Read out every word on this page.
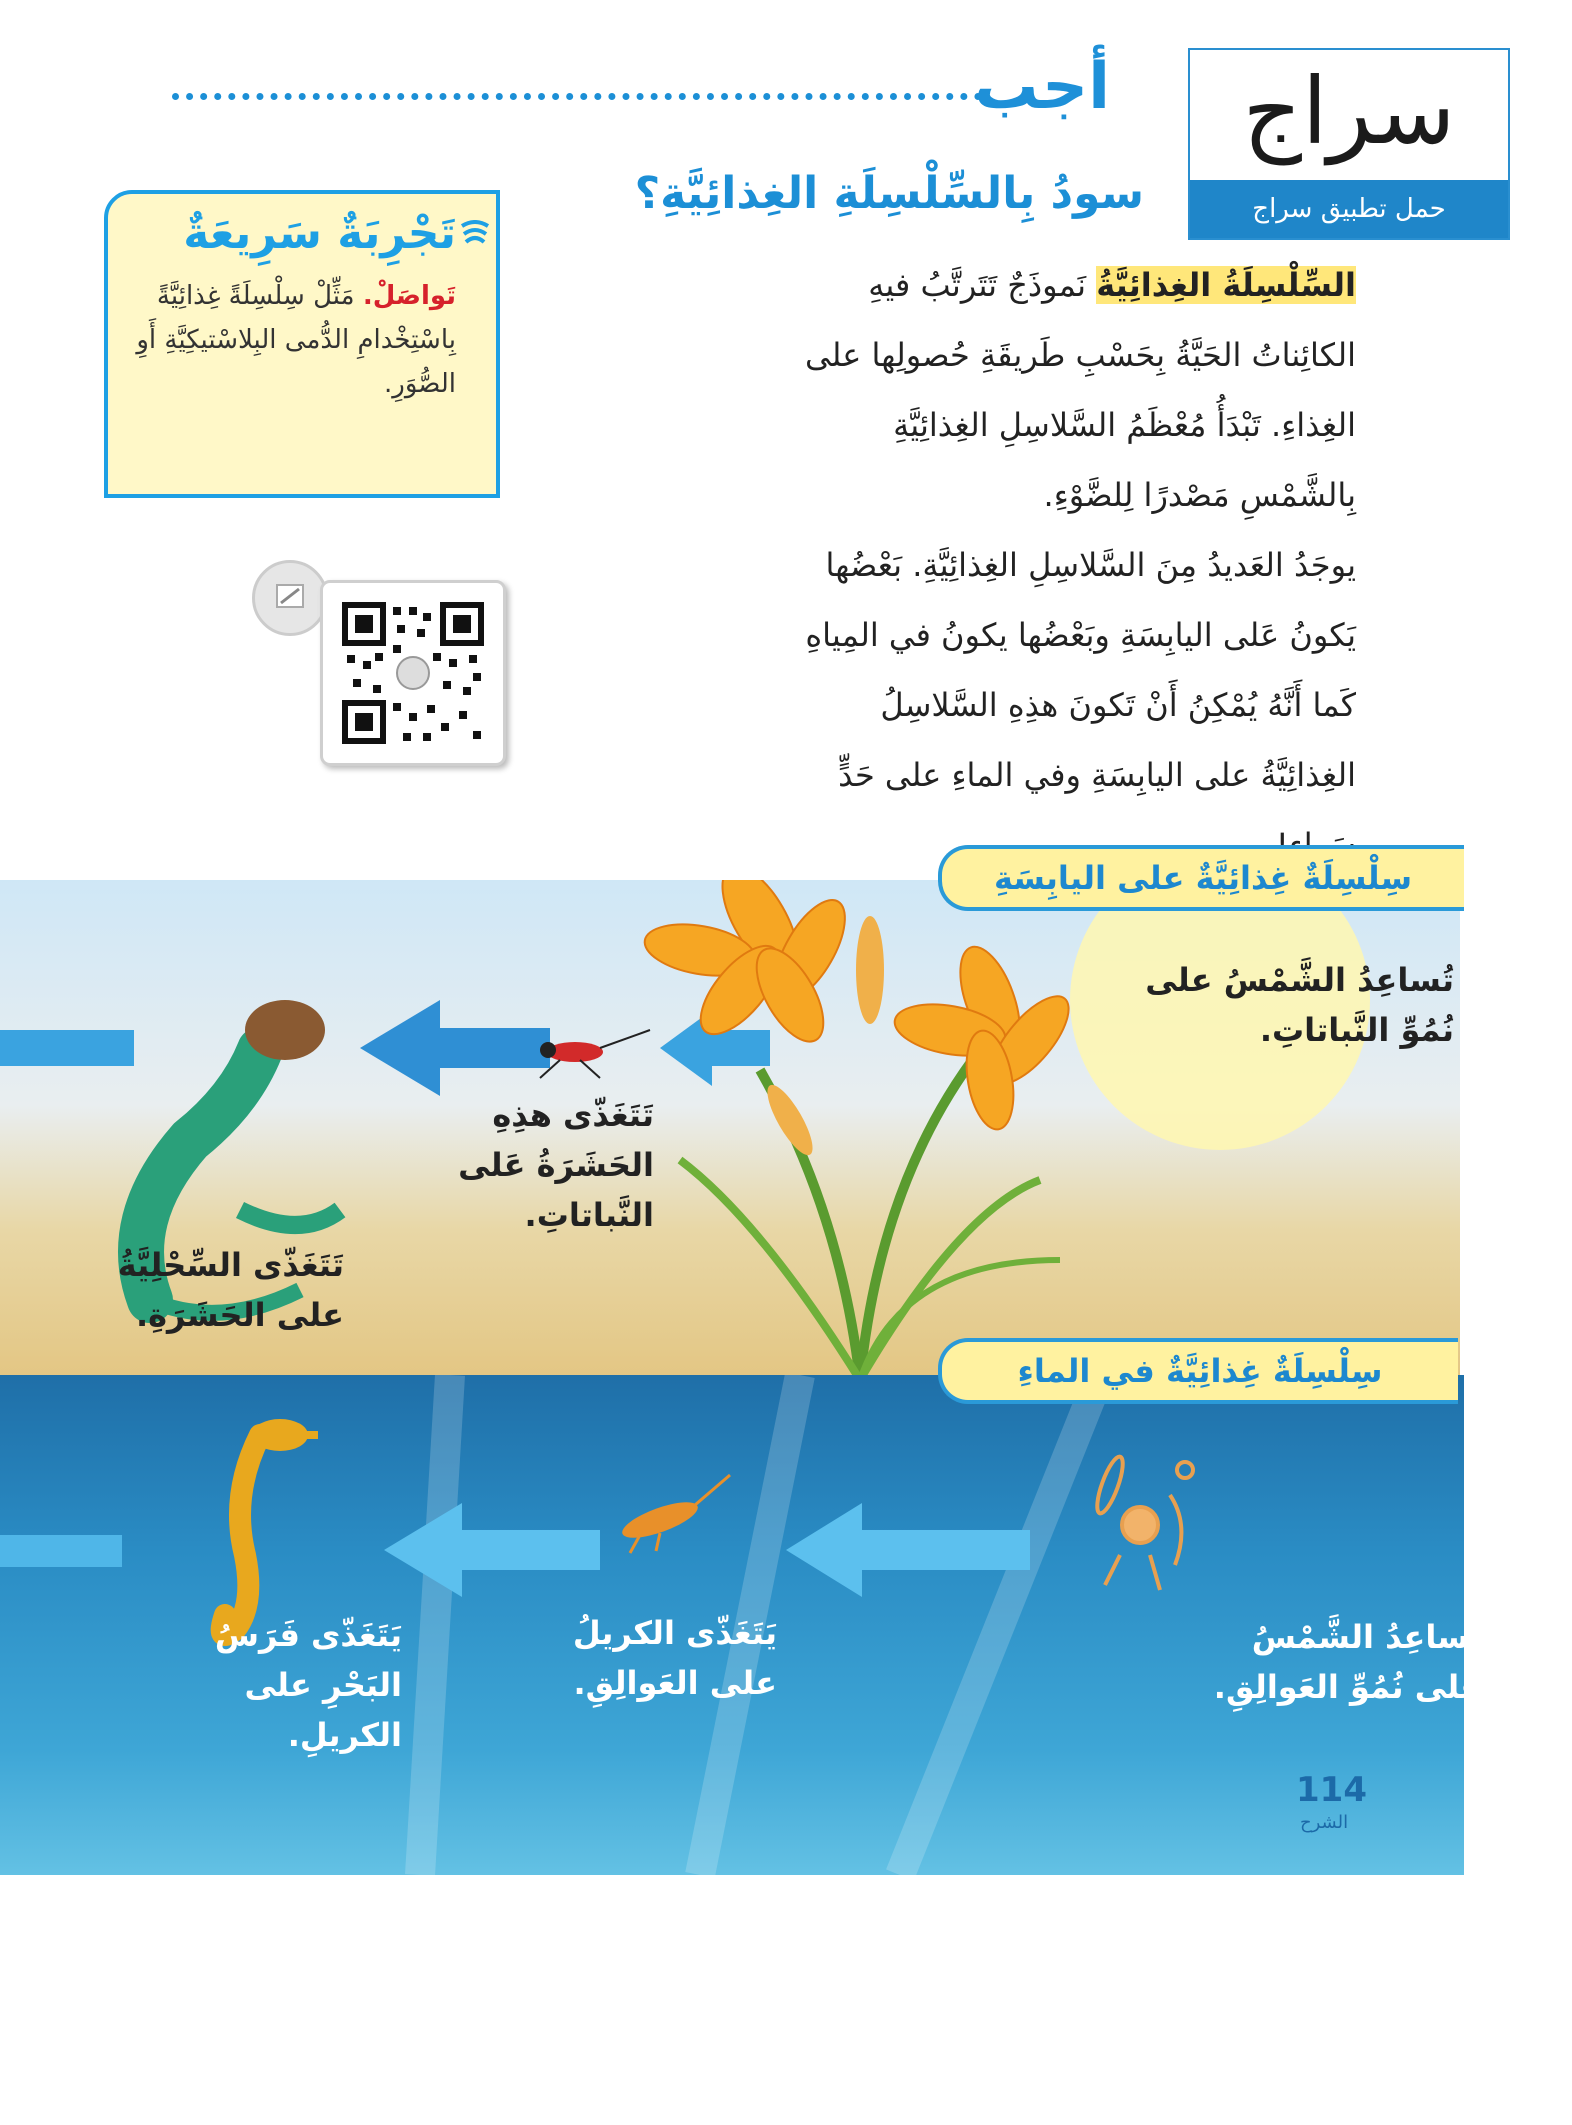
أجب	سراج
حمل تطبيق سراج
سودُ بِالسِّلْسِلَةِ الغِذائِيَّةِ؟
السِّلْسِلَةُ الغِذائِيَّةُ نَموذَجٌ تَتَرتَّبُ فيهِ الكائِناتُ الحَيَّةُ بِحَسْبِ طَريقَةِ حُصولِها على الغِذاءِ. تَبْدَأُ مُعْظَمُ السَّلاسِلِ الغِذائِيَّةِ بِالشَّمْسِ مَصْدرًا لِلضَّوْءِ.
يوجَدُ العَديدُ مِنَ السَّلاسِلِ الغِذائِيَّةِ. بَعْضُها يَكونُ عَلى اليابِسَةِ وبَعْضُها يكونُ في المِياهِ كَما أَنَّهُ يُمْكِنُ أَنْ تَكونَ هذِهِ السَّلاسِلُ الغِذائِيَّةُ على اليابِسَةِ وفي الماءِ على حَدٍّ
تَجْرِبَةٌ سَرِيعَةٌ
تَواصَلْ. مَثِّلْ سِلْسِلَةً غِذائِيَّةً بِاسْتِخْدامِ الدُّمى البِلاسْتيكِيَّةِ أَوِ الصُّوَرِ.
سِلْسِلَةٌ غِذائِيَّةٌ على اليابِسَةِ
تُساعِدُ الشَّمْسُ على نُمُوِّ النَّباتاتِ.
تَتَغَذّى هذِهِ الحَشَرَةُ عَلى النَّباتاتِ.
تَتَغَذّى السِّحْلِيَّةُ على الحَشَرَةِ.
سِلْسِلَةٌ غِذائِيَّةٌ في الماءِ
تُساعِدُ الشَّمْسُ على نُمُوِّ العَوالِقِ.
يَتَغَذّى الكريلُ على العَوالِقِ.
يَتَغَذّى فَرَسُ البَحْرِ على الكريلِ.
114
الشرح
